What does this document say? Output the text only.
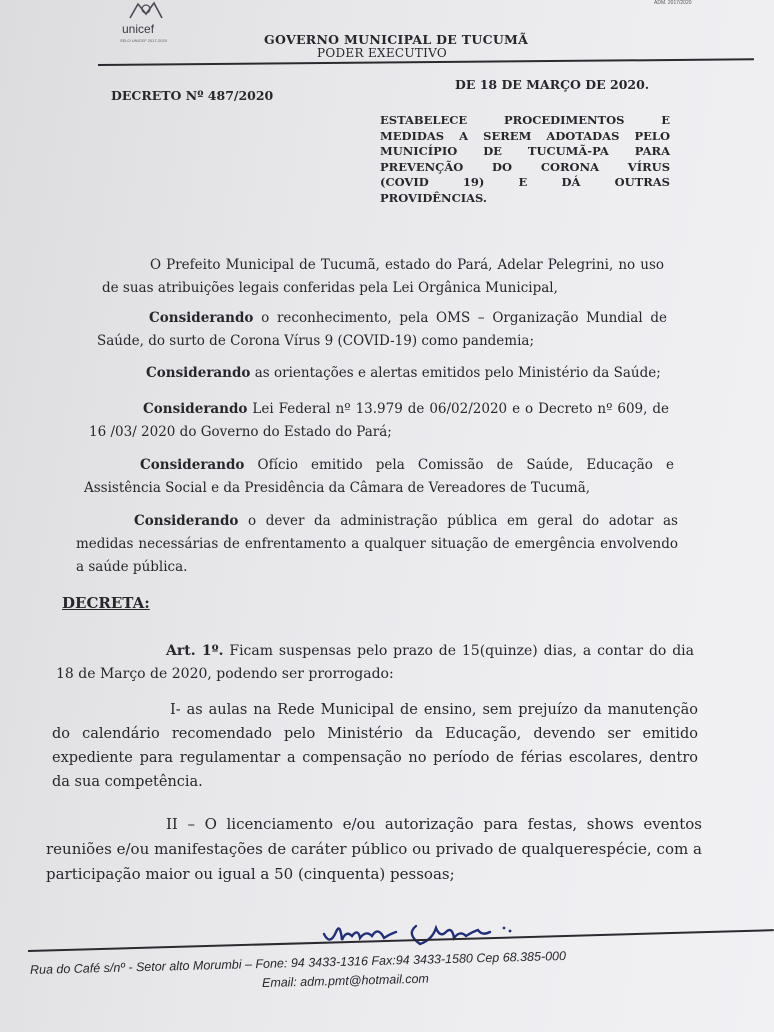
unicef
SELO UNICEF 2017-2020
ADM. 2017/2020
GOVERNO MUNICIPAL DE TUCUMÃ
PODER EXECUTIVO
DE 18 DE MARÇO DE 2020.
DECRETO Nº 487/2020
ESTABELECE PROCEDIMENTOS E
MEDIDAS A SEREM ADOTADAS PELO
MUNICÍPIO DE TUCUMÃ-PA PARA
PREVENÇÃO DO CORONA VÍRUS
(COVID 19) E DÁ OUTRAS
PROVIDÊNCIAS.
O Prefeito Municipal de Tucumã, estado do Pará, Adelar Pelegrini, no uso de suas atribuições legais conferidas pela Lei Orgânica Municipal,
Considerando o reconhecimento, pela OMS – Organização Mundial de Saúde, do surto de Corona Vírus 9 (COVID-19) como pandemia;
Considerando as orientações e alertas emitidos pelo Ministério da Saúde;
Considerando Lei Federal nº 13.979 de 06/02/2020 e o Decreto nº 609, de 16 /03/ 2020 do Governo do Estado do Pará;
Considerando Ofício emitido pela Comissão de Saúde, Educação e Assistência Social e da Presidência da Câmara de Vereadores de Tucumã,
Considerando o dever da administração pública em geral do adotar as medidas necessárias de enfrentamento a qualquer situação de emergência envolvendo a saúde pública.
DECRETA:
Art. 1º. Ficam suspensas pelo prazo de 15(quinze) dias, a contar do dia 18 de Março de 2020, podendo ser prorrogado:
I- as aulas na Rede Municipal de ensino, sem prejuízo da manutenção do calendário recomendado pelo Ministério da Educação, devendo ser emitido expediente para regulamentar a compensação no período de férias escolares, dentro da sua competência.
II – O licenciamento e/ou autorização para festas, shows eventos reuniões e/ou manifestações de caráter público ou privado de qualquerespécie, com a participação maior ou igual a 50 (cinquenta) pessoas;
Rua do Café s/nº - Setor alto Morumbi – Fone: 94 3433-1316 Fax:94 3433-1580 Cep 68.385-000
Email: adm.pmt@hotmail.com
